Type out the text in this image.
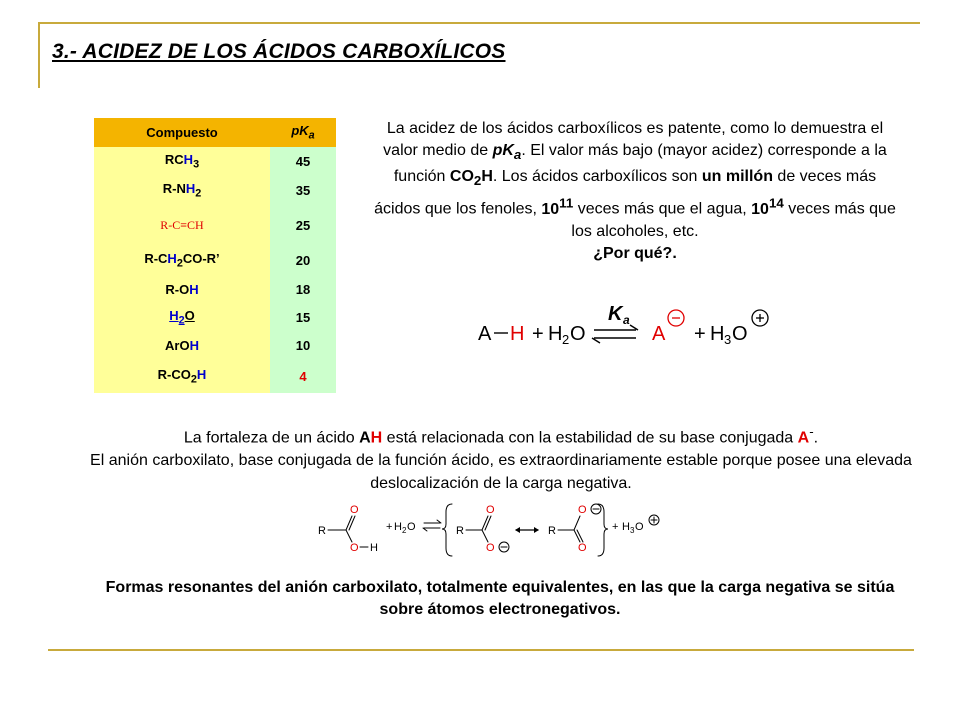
3.- ACIDEZ DE LOS ÁCIDOS CARBOXÍLICOS
Compuesto	$pK_a$
$RCH_3$	45
$R-NH_2$	35
R-C≡CH	25
$R-CH_2CO-R$’	20
R-OH	18
$H_2O$	15
ArOH	10
$R-CO_2H$	4
La acidez de los ácidos carboxílicos es patente, como lo demuestra el valor medio de $pK_a$. El valor más bajo (mayor acidez) corresponde a la función $CO_2H$. Los ácidos carboxílicos son un millón de veces más ácidos que los fenoles, $10^{11}$ veces más que el agua, $10^{14}$ veces más que los alcoholes, etc.
¿Por qué?.
A H + H 2 O
K a
A + H 3 O
La fortaleza de un ácido AH está relacionada con la estabilidad de su base conjugada A-.
El anión carboxilato, base conjugada de la función ácido, es extraordinariamente estable porque posee una elevada deslocalización de la carga negativa.
R
O
O H
+ H 2 O	R
O
O
R
O
O
+ H 3 O
Formas resonantes del anión carboxilato, totalmente equivalentes, en las que la carga negativa se sitúa sobre átomos electronegativos.
